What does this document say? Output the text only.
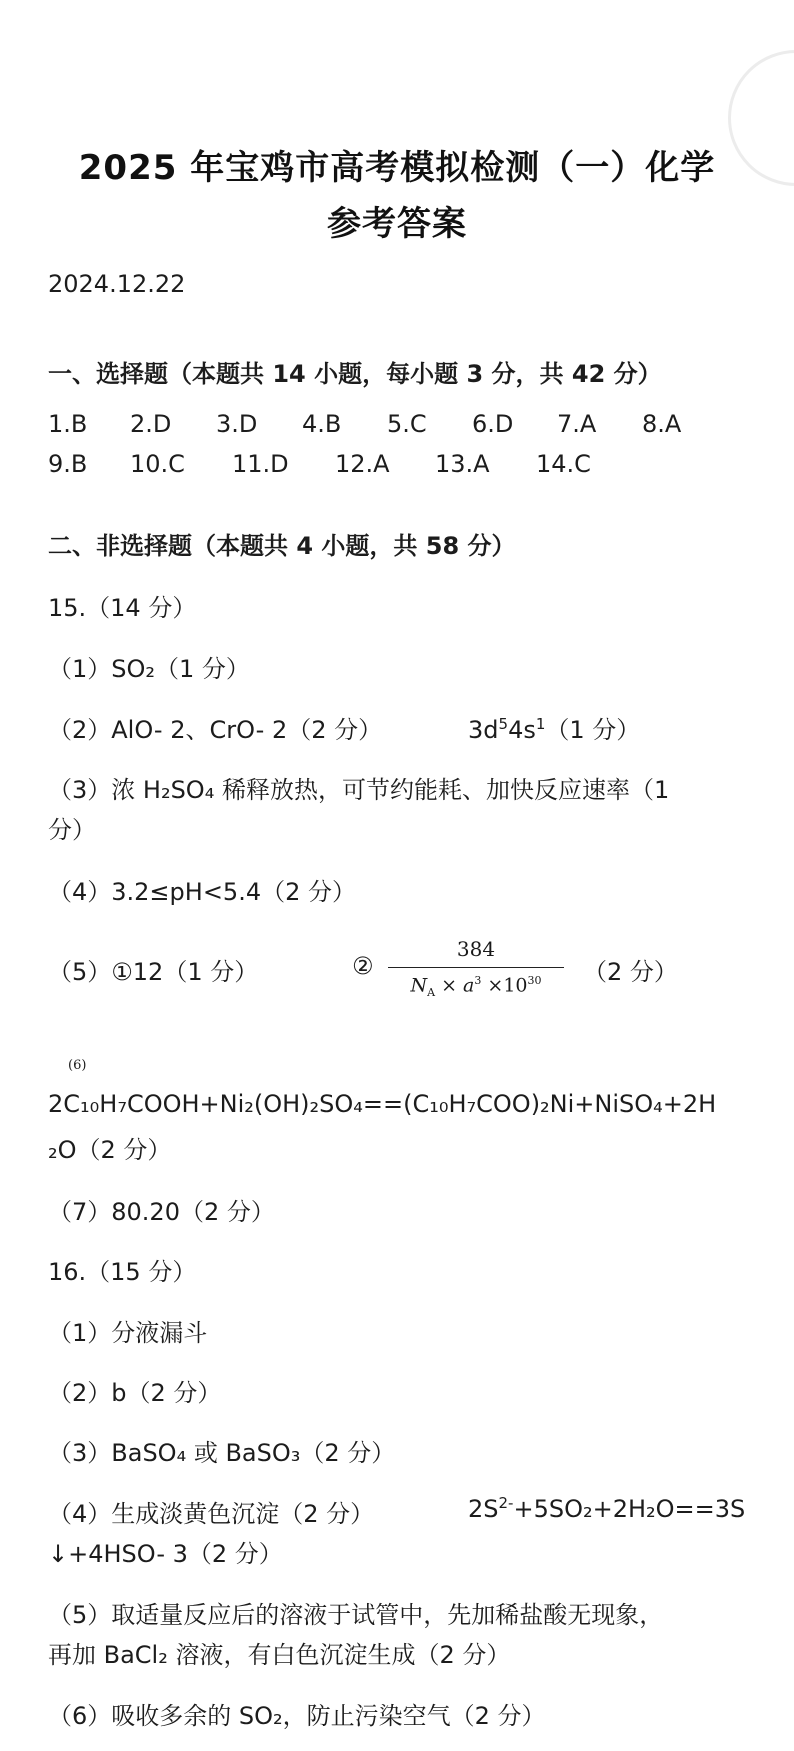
2025 年宝鸡市高考模拟检测（一）化学
参考答案
2024.12.22
一、选择题（本题共 14 小题，每小题 3 分，共 42 分）
1.B 2.D 3.D 4.B 5.C 6.D 7.A 8.A
9.B 10.C 11.D 12.A 13.A 14.C
二、非选择题（本题共 4 小题，共 58 分）
15.（14 分）
（1）SO₂（1 分）
（2）AlO- 2、CrO- 2（2 分）	$3d^54s^1(1$ 分）
（3）浓 H₂SO₄ 稀释放热，可节约能耗、加快反应速率（1
分）
（4）3.2≤pH<5.4（2 分）
（5）①12（1 分）	②
384
$N_A \times a^3 \times 10^{30}$	（2 分）
(6)
2C₁₀H₇COOH+Ni₂(OH)₂SO₄==(C₁₀H₇COO)₂Ni+NiSO₄+2H
₂O（2 分）
（7）80.20（2 分）
16.（15 分）
（1）分液漏斗
（2）b（2 分）
（3）BaSO₄ 或 BaSO₃（2 分）
（4）生成淡黄色沉淀（2 分）	$2S^{2-}+5SO_2+2H_2O==3S$
↓+4HSO- 3（2 分）
（5）取适量反应后的溶液于试管中，先加稀盐酸无现象，
再加 BaCl₂ 溶液，有白色沉淀生成（2 分）
（6）吸收多余的 SO₂，防止污染空气（2 分）
